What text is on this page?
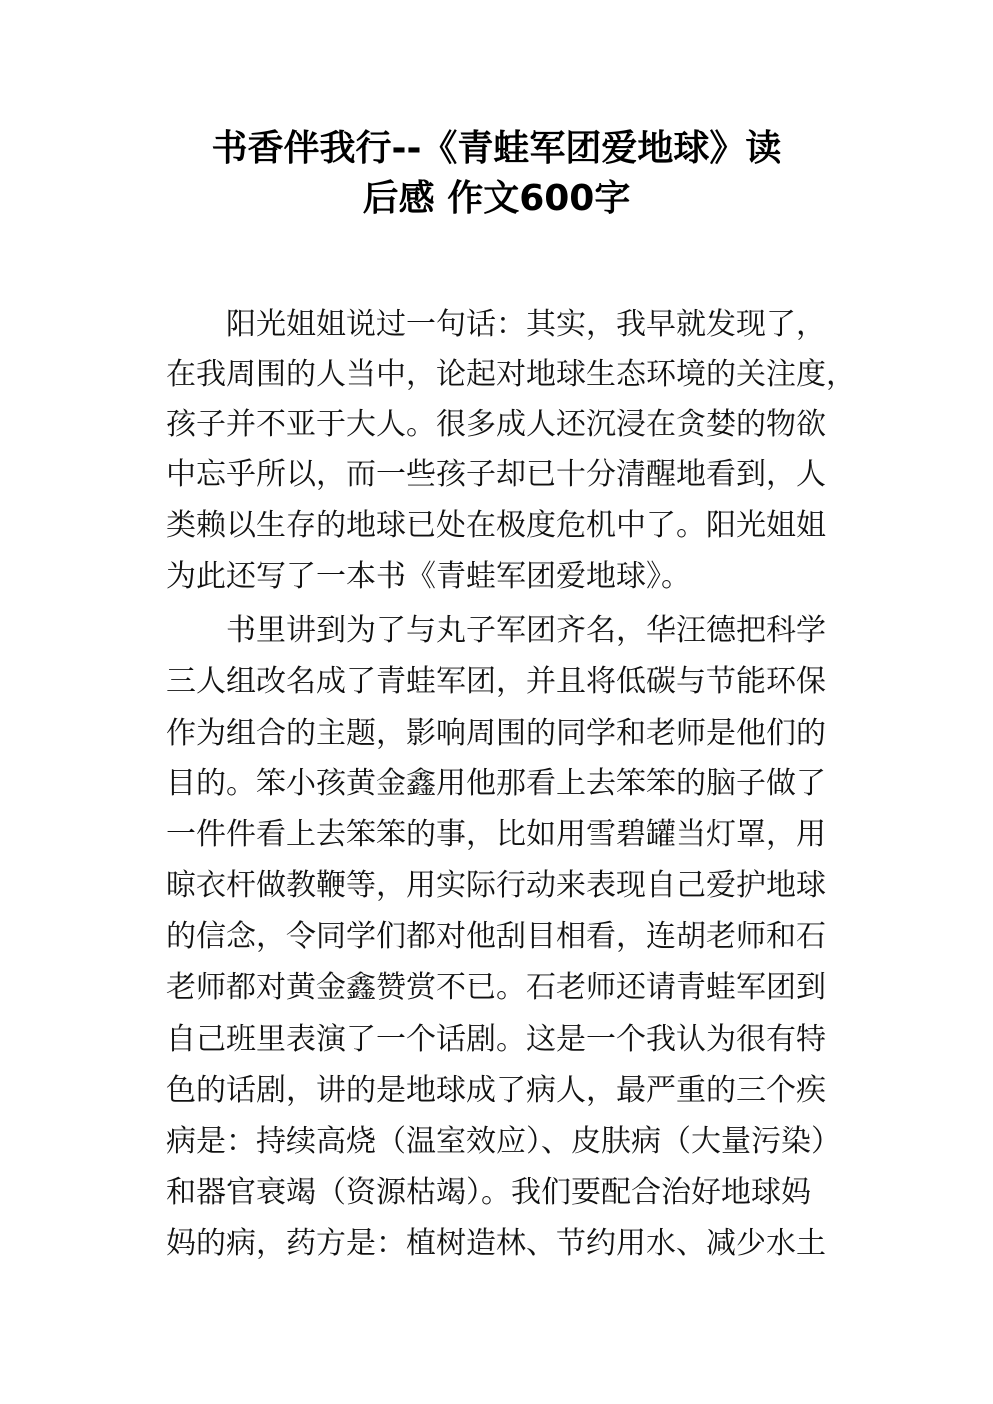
书香伴我行--《青蛙军团爱地球》读
后感 作文600字
阳光姐姐说过一句话：其实，我早就发现了，
在我周围的人当中，论起对地球生态环境的关注度，
孩子并不亚于大人。很多成人还沉浸在贪婪的物欲
中忘乎所以，而一些孩子却已十分清醒地看到，人
类赖以生存的地球已处在极度危机中了。阳光姐姐
为此还写了一本书《青蛙军团爱地球》。
书里讲到为了与丸子军团齐名，华汪德把科学
三人组改名成了青蛙军团，并且将低碳与节能环保
作为组合的主题，影响周围的同学和老师是他们的
目的。笨小孩黄金鑫用他那看上去笨笨的脑子做了
一件件看上去笨笨的事，比如用雪碧罐当灯罩，用
晾衣杆做教鞭等，用实际行动来表现自己爱护地球
的信念，令同学们都对他刮目相看，连胡老师和石
老师都对黄金鑫赞赏不已。石老师还请青蛙军团到
自己班里表演了一个话剧。这是一个我认为很有特
色的话剧，讲的是地球成了病人，最严重的三个疾
病是：持续高烧（温室效应）、皮肤病（大量污染）
和器官衰竭（资源枯竭）。我们要配合治好地球妈
妈的病，药方是：植树造林、节约用水、减少水土
